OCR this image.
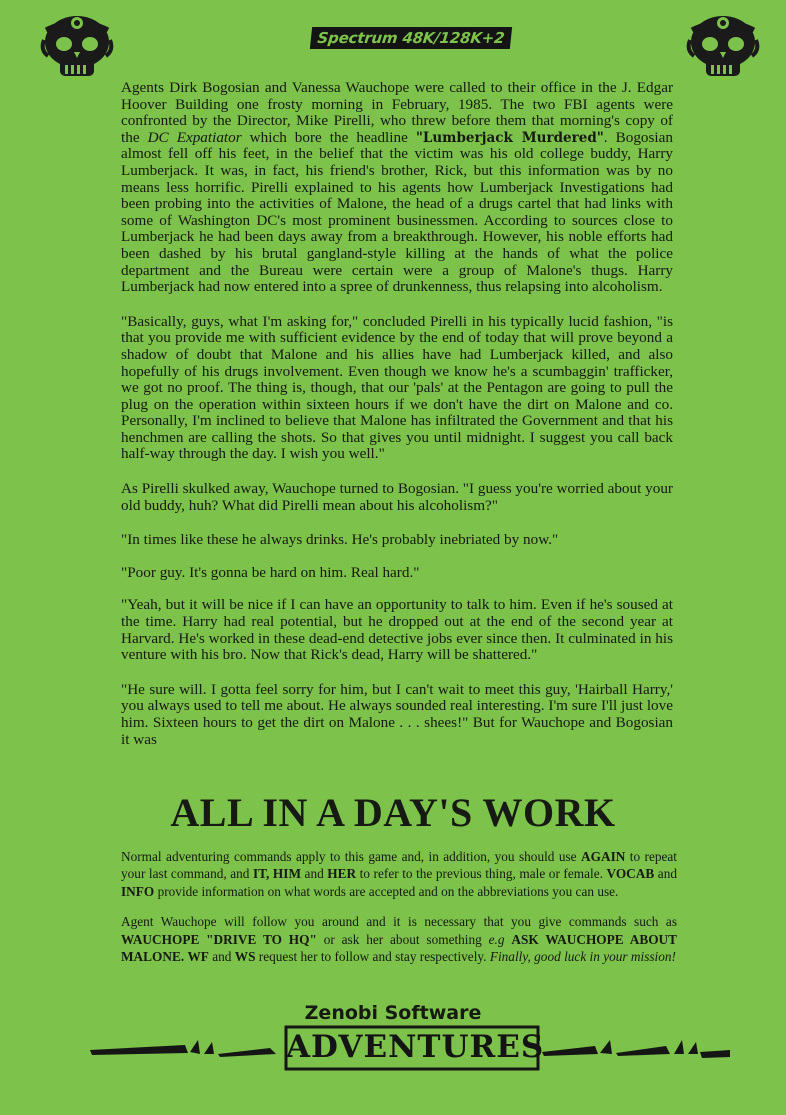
Spectrum 48K/128K+2

Agents Dirk Bogosian and Vanessa Wauchope were called to their office in the J. Edgar Hoover Building one frosty morning in February, 1985. The two FBI agents were confronted by the Director, Mike Pirelli, who threw before them that morning's copy of the DC Expatiator which bore the headline "Lumberjack Murdered". Bogosian almost fell off his feet, in the belief that the victim was his old college buddy, Harry Lumberjack. It was, in fact, his friend's brother, Rick, but this information was by no means less horrific. Pirelli explained to his agents how Lumberjack Investigations had been probing into the activities of Malone, the head of a drugs cartel that had links with some of Washington DC's most prominent businessmen. According to sources close to Lumberjack he had been days away from a breakthrough. However, his noble efforts had been dashed by his brutal gangland-style killing at the hands of what the police department and the Bureau were certain were a group of Malone's thugs. Harry Lumberjack had now entered into a spree of drunkenness, thus relapsing into alcoholism.

"Basically, guys, what I'm asking for," concluded Pirelli in his typically lucid fashion, "is that you provide me with sufficient evidence by the end of today that will prove beyond a shadow of doubt that Malone and his allies have had Lumberjack killed, and also hopefully of his drugs involvement. Even though we know he's a scumbaggin' trafficker, we got no proof. The thing is, though, that our 'pals' at the Pentagon are going to pull the plug on the operation within sixteen hours if we don't have the dirt on Malone and co. Personally, I'm inclined to believe that Malone has infiltrated the Government and that his henchmen are calling the shots. So that gives you until midnight. I suggest you call back half-way through the day. I wish you well."

As Pirelli skulked away, Wauchope turned to Bogosian. "I guess you're worried about your old buddy, huh? What did Pirelli mean about his alcoholism?"

"In times like these he always drinks. He's probably inebriated by now."

"Poor guy. It's gonna be hard on him. Real hard."

"Yeah, but it will be nice if I can have an opportunity to talk to him. Even if he's soused at the time. Harry had real potential, but he dropped out at the end of the second year at Harvard. He's worked in these dead-end detective jobs ever since then. It culminated in his venture with his bro. Now that Rick's dead, Harry will be shattered."

"He sure will. I gotta feel sorry for him, but I can't wait to meet this guy, 'Hairball Harry,' you always used to tell me about. He always sounded real interesting. I'm sure I'll just love him. Sixteen hours to get the dirt on Malone . . . shees!" But for Wauchope and Bogosian it was

ALL IN A DAY'S WORK

Normal adventuring commands apply to this game and, in addition, you should use AGAIN to repeat your last command, and IT, HIM and HER to refer to the previous thing, male or female. VOCAB and INFO provide information on what words are accepted and on the abbreviations you can use.

Agent Wauchope will follow you around and it is necessary that you give commands such as WAUCHOPE "DRIVE TO HQ" or ask her about something e.g ASK WAUCHOPE ABOUT MALONE. WF and WS request her to follow and stay respectively. Finally, good luck in your mission!

Zenobi Software
ADVENTURES
